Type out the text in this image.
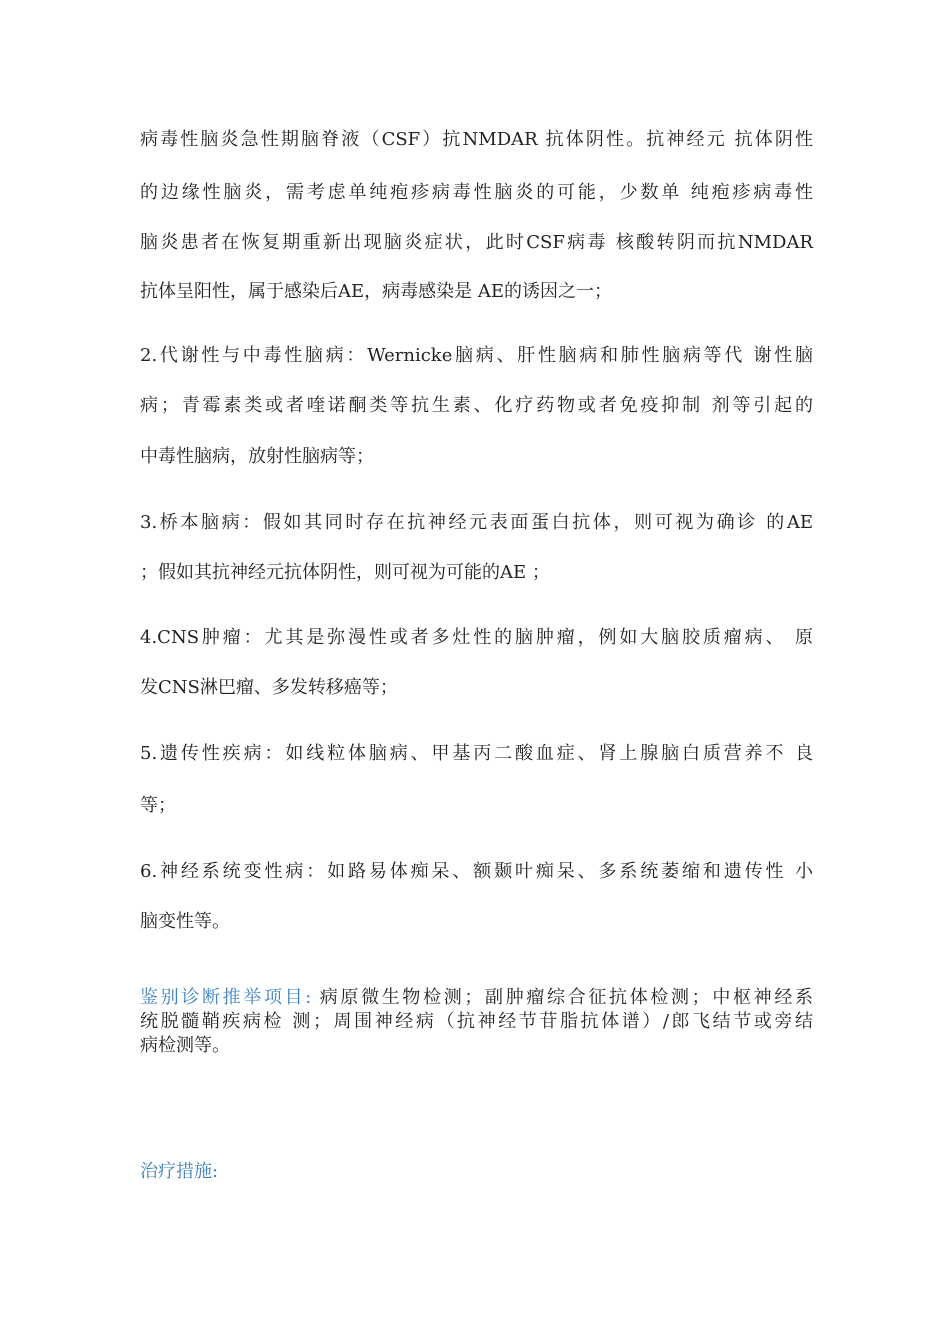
病毒性脑炎急性期脑脊液（CSF）抗NMDAR 抗体阴性。抗神经元 抗体阴性
的边缘性脑炎，需考虑单纯疱疹病毒性脑炎的可能，少数单 纯疱疹病毒性
脑炎患者在恢复期重新出现脑炎症状，此时CSF病毒 核酸转阴而抗NMDAR
抗体呈阳性，属于感染后AE，病毒感染是 AE的诱因之一；
2.代谢性与中毒性脑病：Wernicke脑病、肝性脑病和肺性脑病等代 谢性脑
病；青霉素类或者喹诺酮类等抗生素、化疗药物或者免疫抑制 剂等引起的
中毒性脑病，放射性脑病等；
3.桥本脑病：假如其同时存在抗神经元表面蛋白抗体，则可视为确诊 的AE
；假如其抗神经元抗体阴性，则可视为可能的AE ；
4.CNS肿瘤：尤其是弥漫性或者多灶性的脑肿瘤，例如大脑胶质瘤病、 原
发CNS淋巴瘤、多发转移癌等；
5.遗传性疾病：如线粒体脑病、甲基丙二酸血症、肾上腺脑白质营养不 良
等；
6.神经系统变性病：如路易体痴呆、额颞叶痴呆、多系统萎缩和遗传性 小
脑变性等。
鉴别诊断推举项目: 病原微生物检测；副肿瘤综合征抗体检测；中枢神经系
统脱髓鞘疾病检 测；周围神经病（抗神经节苷脂抗体谱）/郎飞结节或旁结
病检测等。
治疗措施:
